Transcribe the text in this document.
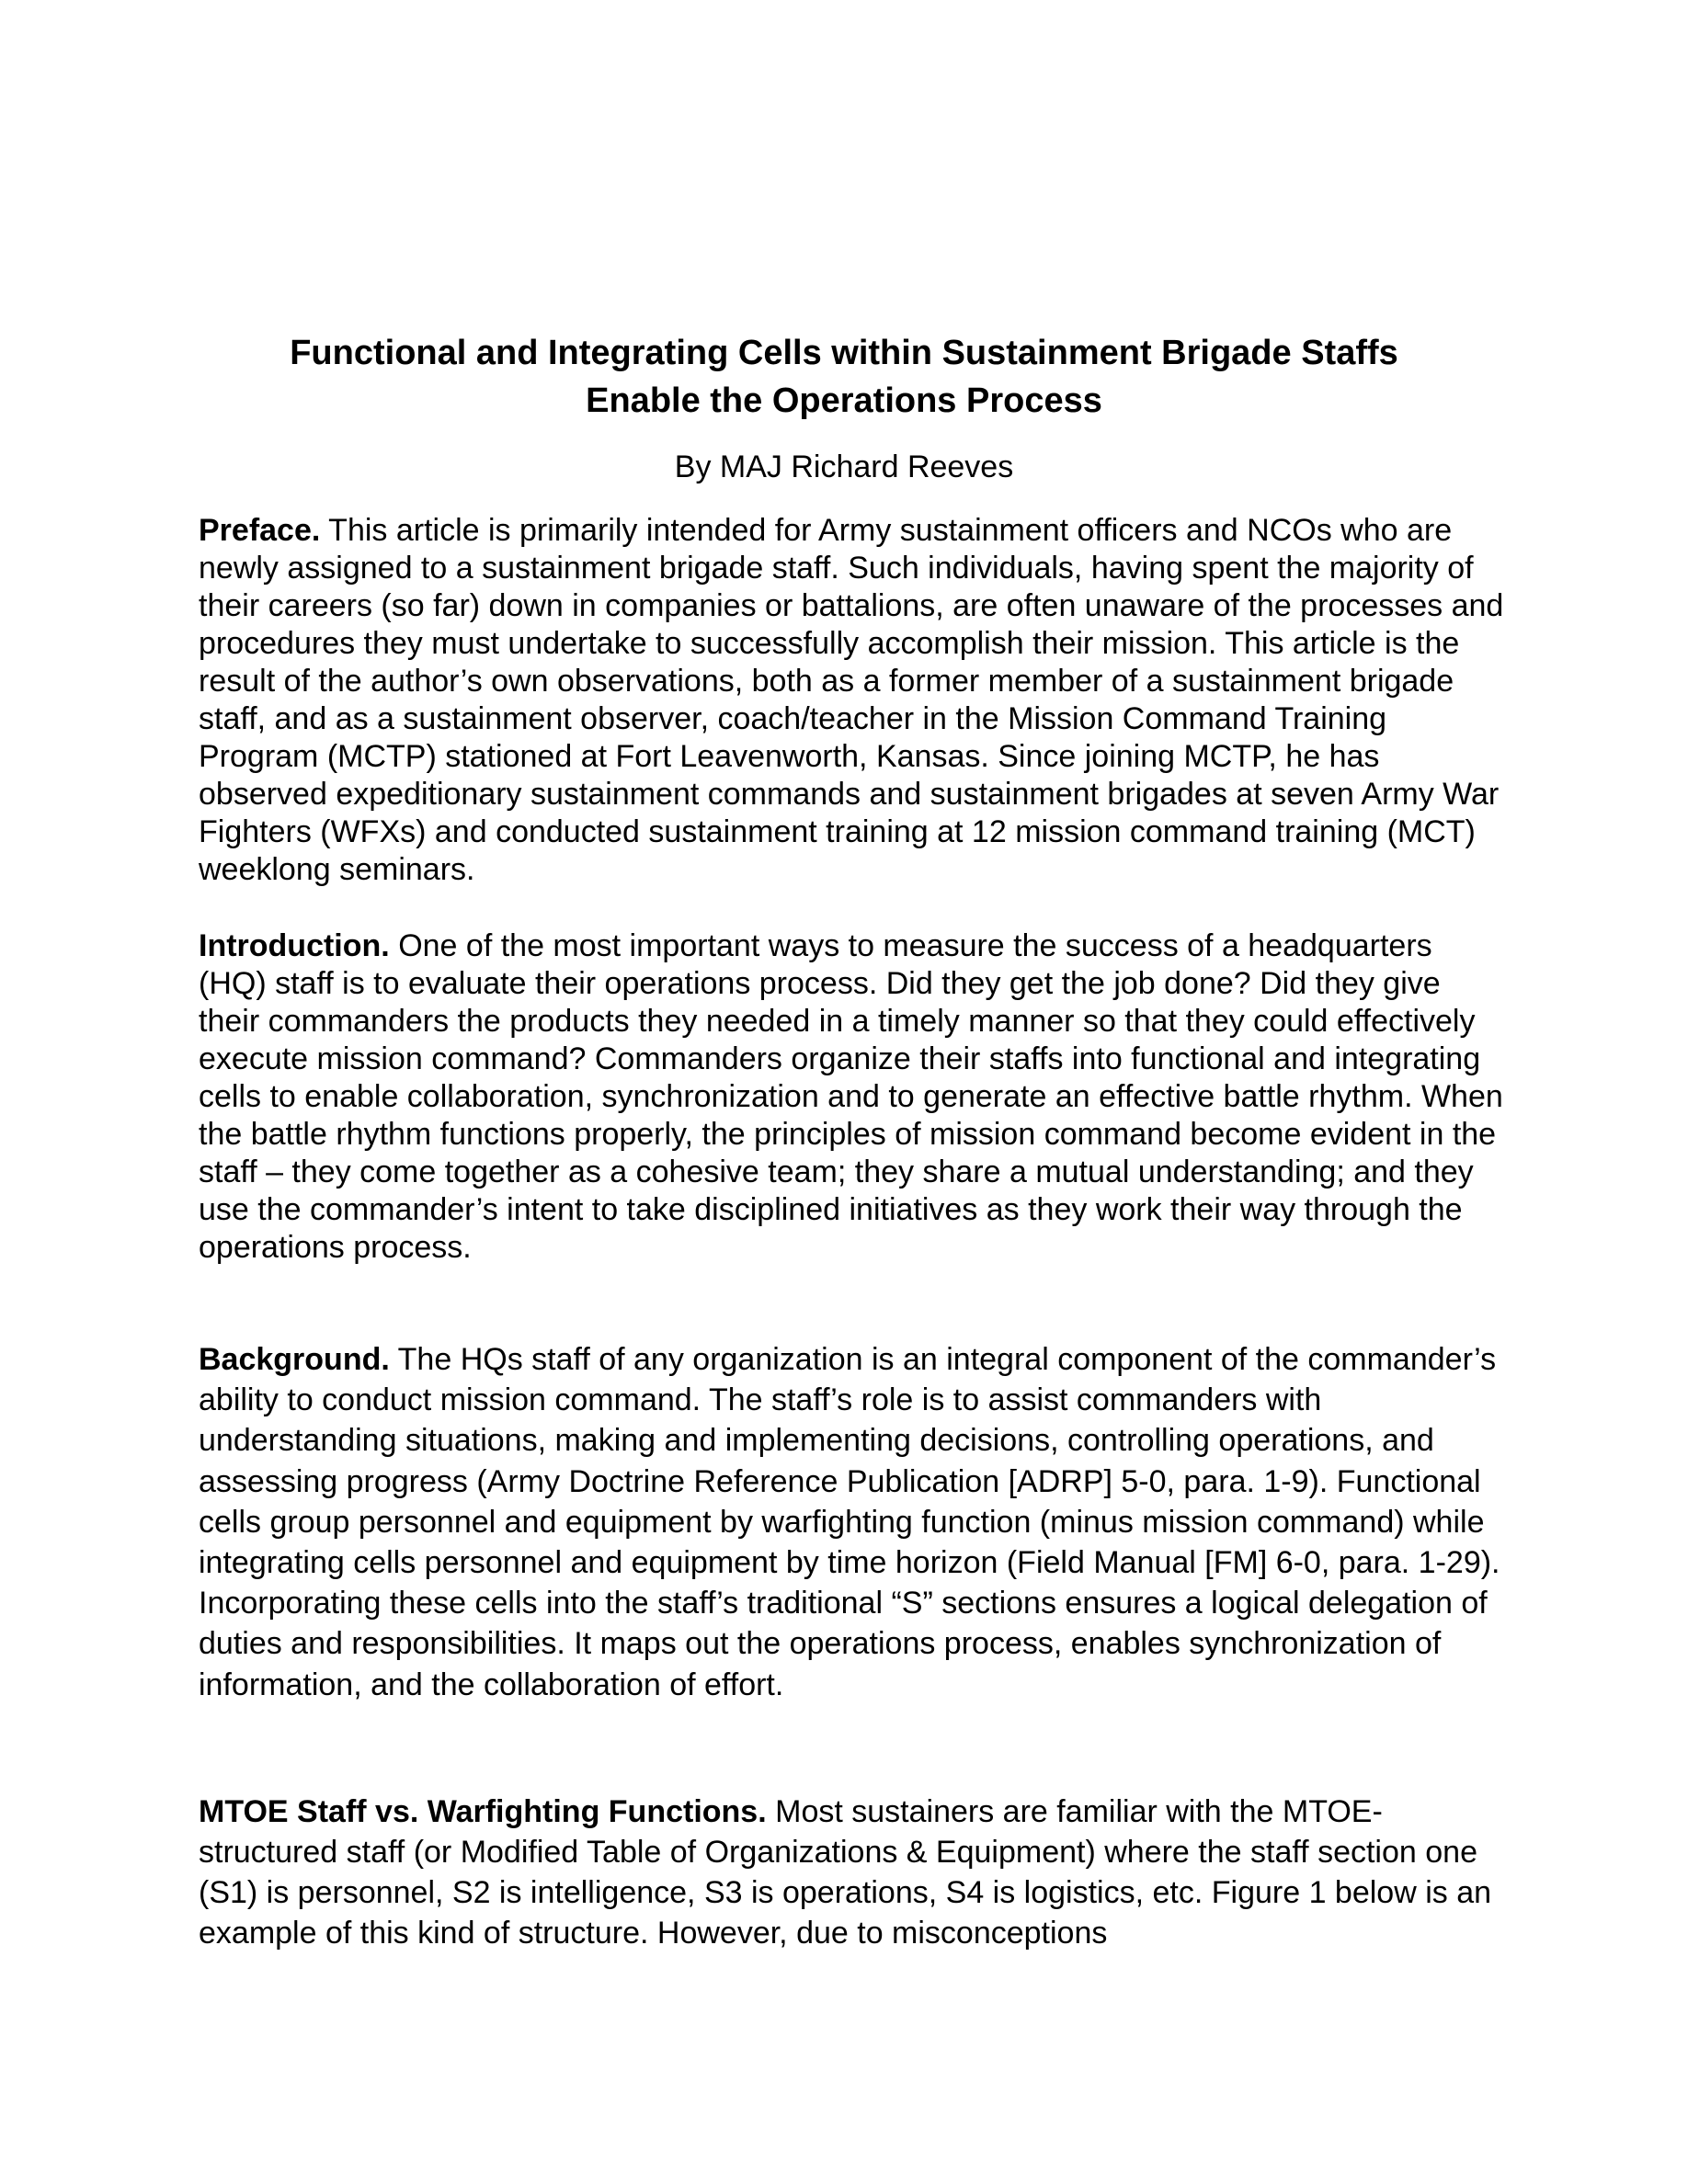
Functional and Integrating Cells within Sustainment Brigade Staffs
Enable the Operations Process

By MAJ Richard Reeves

Preface. This article is primarily intended for Army sustainment officers and NCOs who are newly assigned to a sustainment brigade staff. Such individuals, having spent the majority of their careers (so far) down in companies or battalions, are often unaware of the processes and procedures they must undertake to successfully accomplish their mission. This article is the result of the author’s own observations, both as a former member of a sustainment brigade staff, and as a sustainment observer, coach/teacher in the Mission Command Training Program (MCTP) stationed at Fort Leavenworth, Kansas. Since joining MCTP, he has observed expeditionary sustainment commands and sustainment brigades at seven Army War Fighters (WFXs) and conducted sustainment training at 12 mission command training (MCT) weeklong seminars.

Introduction. One of the most important ways to measure the success of a headquarters (HQ) staff is to evaluate their operations process. Did they get the job done? Did they give their commanders the products they needed in a timely manner so that they could effectively execute mission command? Commanders organize their staffs into functional and integrating cells to enable collaboration, synchronization and to generate an effective battle rhythm. When the battle rhythm functions properly, the principles of mission command become evident in the staff – they come together as a cohesive team; they share a mutual understanding; and they use the commander’s intent to take disciplined initiatives as they work their way through the operations process.

Background. The HQs staff of any organization is an integral component of the commander’s ability to conduct mission command. The staff’s role is to assist commanders with understanding situations, making and implementing decisions, controlling operations, and assessing progress (Army Doctrine Reference Publication [ADRP] 5-0, para. 1-9). Functional cells group personnel and equipment by warfighting function (minus mission command) while integrating cells personnel and equipment by time horizon (Field Manual [FM] 6-0, para. 1-29). Incorporating these cells into the staff’s traditional “S” sections ensures a logical delegation of duties and responsibilities. It maps out the operations process, enables synchronization of information, and the collaboration of effort.

MTOE Staff vs. Warfighting Functions. Most sustainers are familiar with the MTOE-structured staff (or Modified Table of Organizations & Equipment) where the staff section one (S1) is personnel, S2 is intelligence, S3 is operations, S4 is logistics, etc. Figure 1 below is an example of this kind of structure. However, due to misconceptions
